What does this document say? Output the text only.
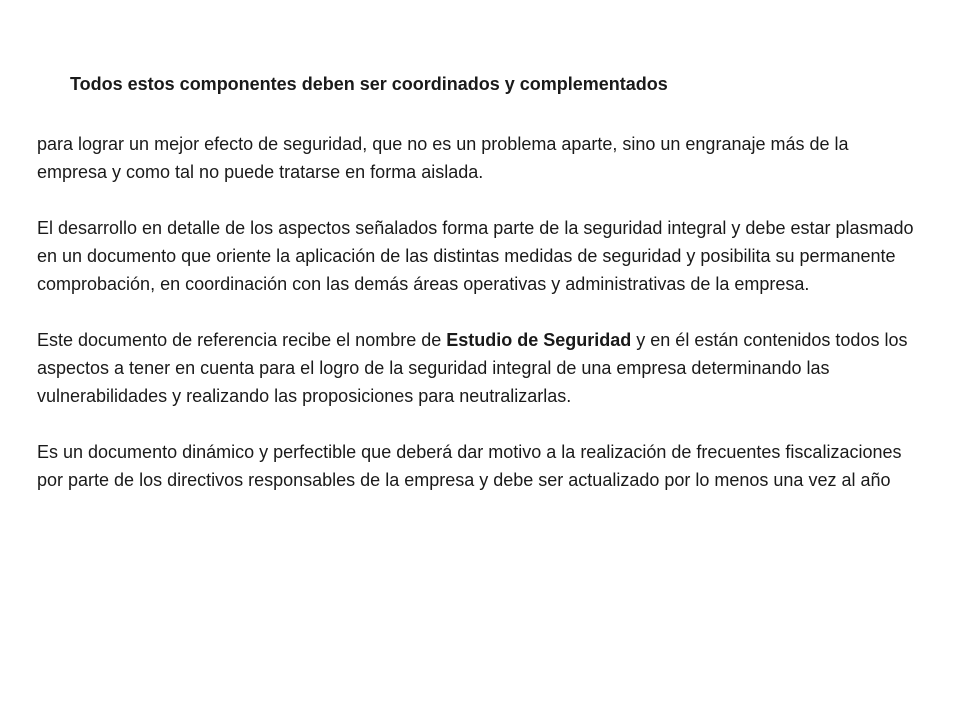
Todos estos componentes deben ser coordinados y complementados

para lograr un mejor efecto de seguridad, que no es un problema aparte, sino un engranaje más de la empresa y como tal no puede tratarse en forma aislada.

El desarrollo en detalle de los aspectos señalados forma parte de la seguridad integral y debe estar plasmado en un documento que oriente la aplicación de las distintas medidas de seguridad y posibilita su permanente comprobación, en coordinación con las demás áreas operativas y administrativas de la empresa.

Este documento de referencia recibe el nombre de Estudio de Seguridad y en él están contenidos todos los aspectos a tener en cuenta para el logro de la seguridad integral de una empresa determinando las vulnerabilidades y realizando las proposiciones para neutralizarlas.

Es un documento dinámico y perfectible que deberá dar motivo a la realización de frecuentes fiscalizaciones por parte de los directivos responsables de la empresa y debe ser actualizado por lo menos una vez al año
